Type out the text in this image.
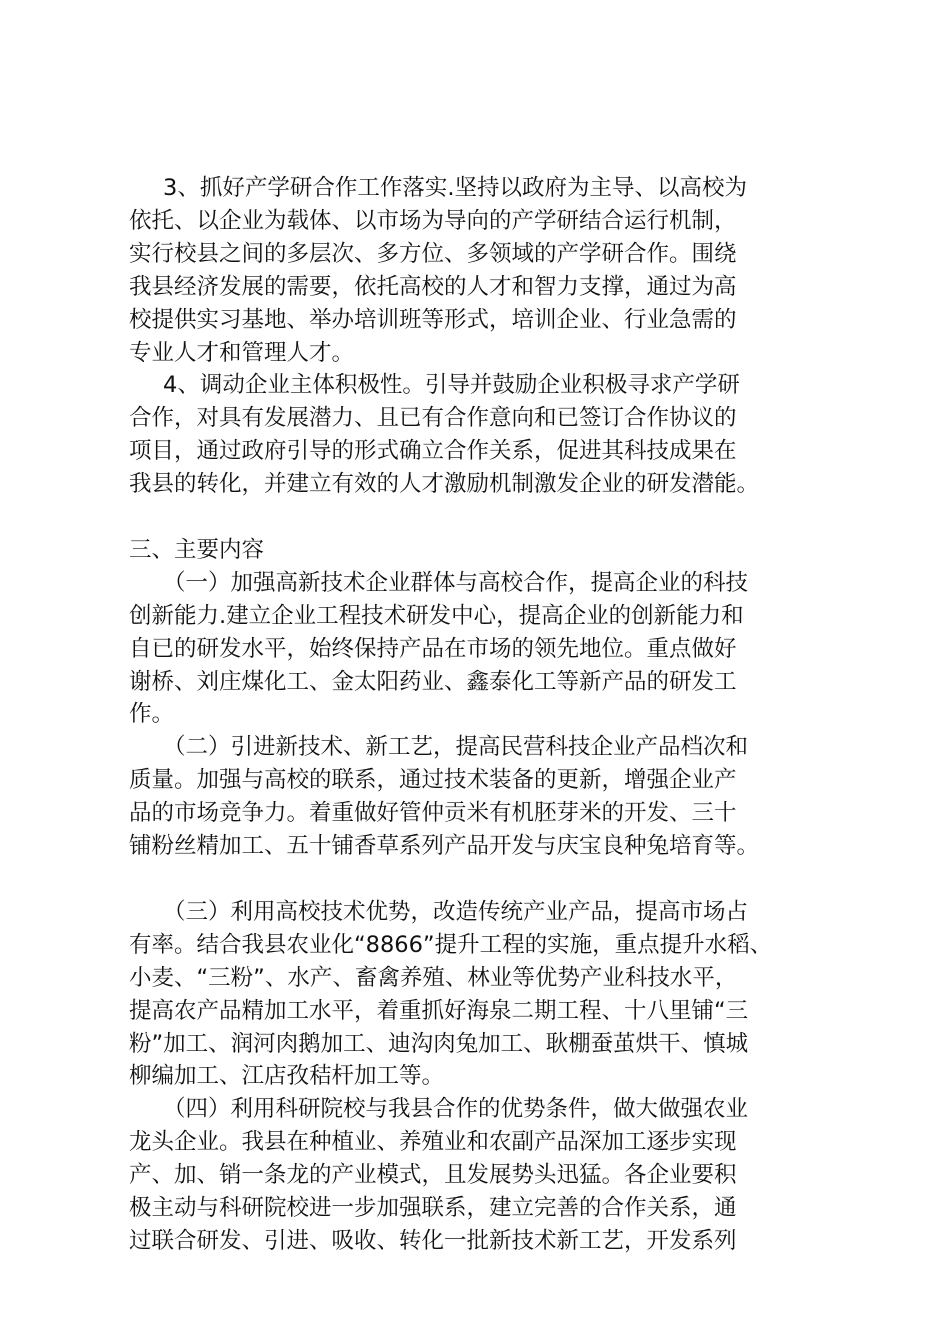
3、抓好产学研合作工作落实.坚持以政府为主导、以高校为
依托、以企业为载体、以市场为导向的产学研结合运行机制，
实行校县之间的多层次、多方位、多领域的产学研合作。围绕
我县经济发展的需要，依托高校的人才和智力支撑，通过为高
校提供实习基地、举办培训班等形式，培训企业、行业急需的
专业人才和管理人才。

4、调动企业主体积极性。引导并鼓励企业积极寻求产学研
合作，对具有发展潜力、且已有合作意向和已签订合作协议的
项目，通过政府引导的形式确立合作关系，促进其科技成果在
我县的转化，并建立有效的人才激励机制激发企业的研发潜能。

三、主要内容

（一）加强高新技术企业群体与高校合作，提高企业的科技
创新能力.建立企业工程技术研发中心，提高企业的创新能力和
自已的研发水平，始终保持产品在市场的领先地位。重点做好
谢桥、刘庄煤化工、金太阳药业、鑫泰化工等新产品的研发工
作。

（二）引进新技术、新工艺，提高民营科技企业产品档次和
质量。加强与高校的联系，通过技术装备的更新，增强企业产
品的市场竞争力。着重做好管仲贡米有机胚芽米的开发、三十
铺粉丝精加工、五十铺香草系列产品开发与庆宝良种兔培育等。

（三）利用高校技术优势，改造传统产业产品，提高市场占
有率。结合我县农业化“8866”提升工程的实施，重点提升水稻、
小麦、“三粉”、水产、畜禽养殖、林业等优势产业科技水平，
提高农产品精加工水平，着重抓好海泉二期工程、十八里铺“三
粉”加工、润河肉鹅加工、迪沟肉兔加工、耿棚蚕茧烘干、慎城
柳编加工、江店孜秸杆加工等。

（四）利用科研院校与我县合作的优势条件，做大做强农业
龙头企业。我县在种植业、养殖业和农副产品深加工逐步实现
产、加、销一条龙的产业模式，且发展势头迅猛。各企业要积
极主动与科研院校进一步加强联系，建立完善的合作关系，通
过联合研发、引进、吸收、转化一批新技术新工艺，开发系列
